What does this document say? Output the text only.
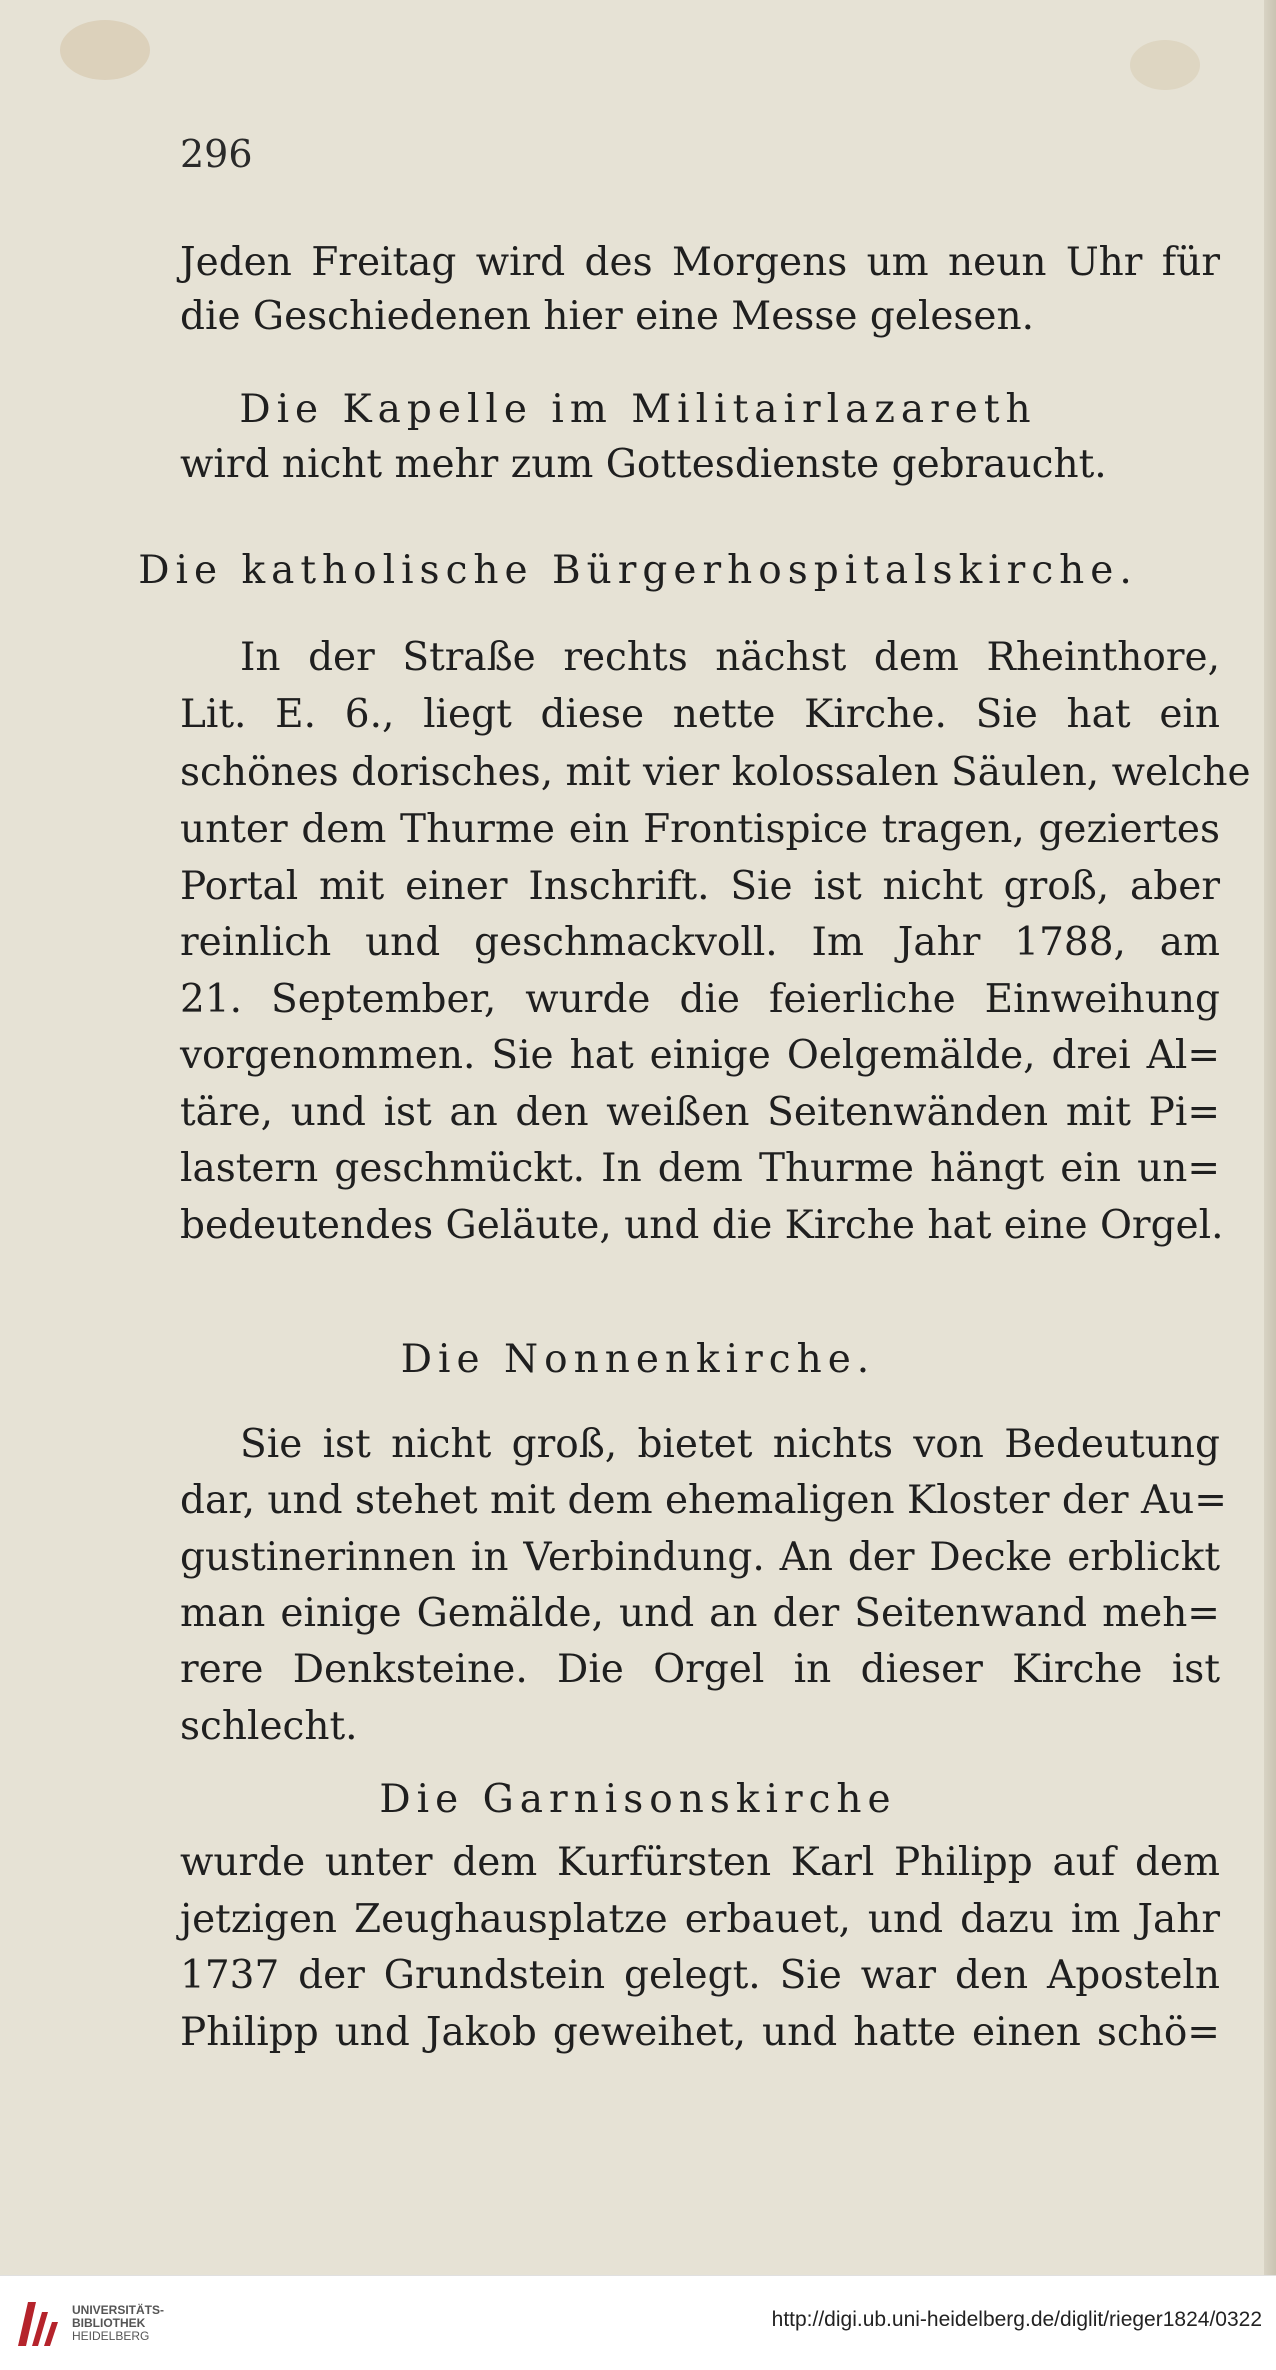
296
Jeden Freitag wird des Morgens um neun Uhr für
die Geschiedenen hier eine Messe gelesen.
Die Kapelle im Militairlazareth
wird nicht mehr zum Gottesdienste gebraucht.
Die katholische Bürgerhospitalskirche.
In der Straße rechts nächst dem Rheinthore,
Lit. E. 6., liegt diese nette Kirche. Sie hat ein
schönes dorisches, mit vier kolossalen Säulen, welche
unter dem Thurme ein Frontispice tragen, geziertes
Portal mit einer Inschrift. Sie ist nicht groß, aber
reinlich und geschmackvoll. Im Jahr 1788, am
21. September, wurde die feierliche Einweihung
vorgenommen. Sie hat einige Oelgemälde, drei Al=
täre, und ist an den weißen Seitenwänden mit Pi=
lastern geschmückt. In dem Thurme hängt ein un=
bedeutendes Geläute, und die Kirche hat eine Orgel.
Die Nonnenkirche.
Sie ist nicht groß, bietet nichts von Bedeutung
dar, und stehet mit dem ehemaligen Kloster der Au=
gustinerinnen in Verbindung. An der Decke erblickt
man einige Gemälde, und an der Seitenwand meh=
rere Denksteine. Die Orgel in dieser Kirche ist
schlecht.
Die Garnisonskirche
wurde unter dem Kurfürsten Karl Philipp auf dem
jetzigen Zeughausplatze erbauet, und dazu im Jahr
1737 der Grundstein gelegt. Sie war den Aposteln
Philipp und Jakob geweihet, und hatte einen schö=
UNIVERSITÄTS-
BIBLIOTHEK
HEIDELBERG
http://digi.ub.uni-heidelberg.de/diglit/rieger1824/0322
